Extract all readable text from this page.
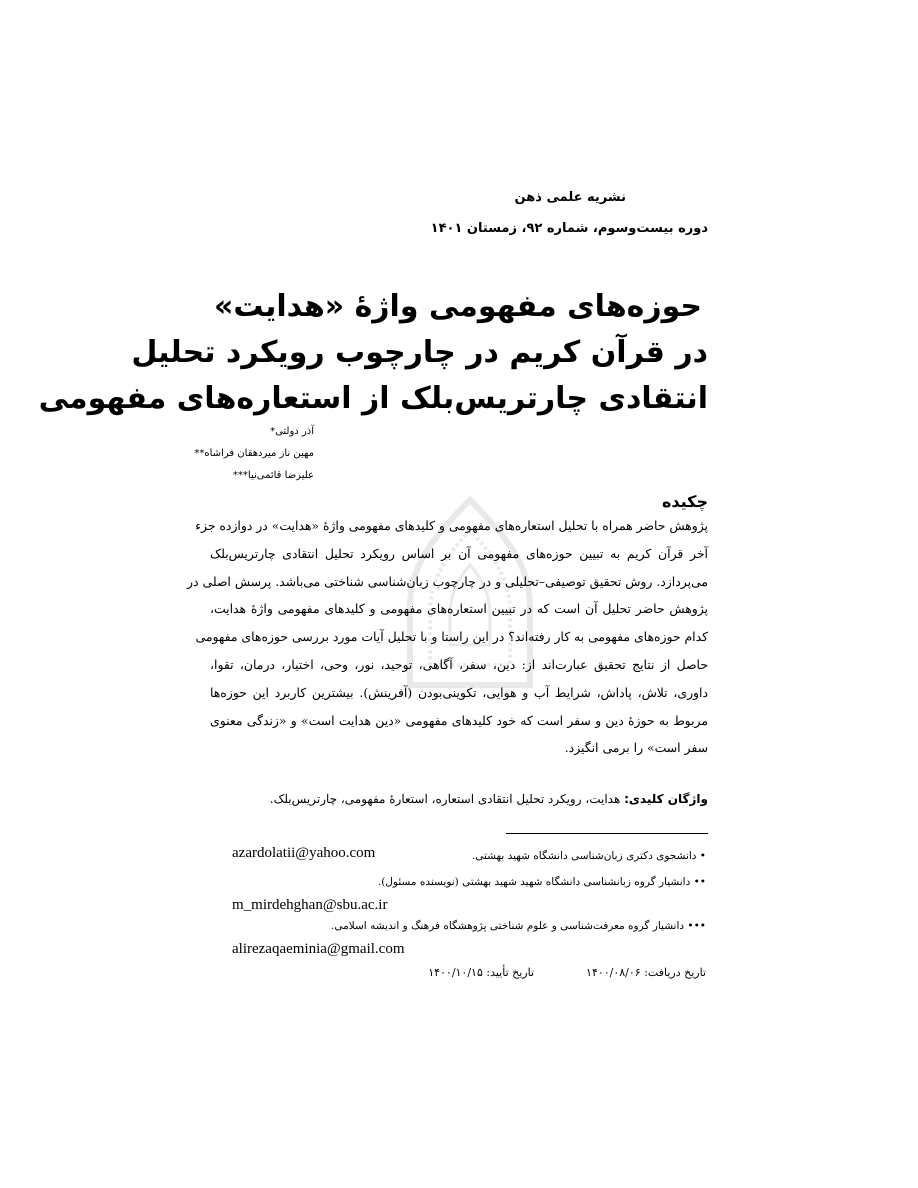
نشریه علمی ذهن
دوره بیست‌وسوم، شماره ۹۲، زمستان ۱۴۰۱
حوزه‌های مفهومی واژۀ «هدایت»
در قرآن کریم در چارچوب رویکرد تحلیل
انتقادی چارتریس‌بلک از استعاره‌های مفهومی
آذر دولتی*
مهین ناز میردهقان فراشاه**
علیرضا قائمی‌نیا***
چکیده
پژوهش حاضر همراه با تحلیل استعاره‌های مفهومی و کلیدهای مفهومی واژۀ «هدایت» در دوازده جزء
آخر قرآن کریم به تبیین حوزه‌های مفهومی آن بر اساس رویکرد تحلیل انتقادی چارتریس‌بلک
می‌پردازد. روش تحقیق توصیفی–تحلیلی و در چارچوب زبان‌شناسی شناختی می‌باشد. پرسش اصلی در
پژوهش حاضر تحلیل آن است که در تبیین استعاره‌های مفهومی و کلیدهای مفهومی واژۀ هدایت،
کدام حوزه‌های مفهومی به کار رفته‌اند؟ در این راستا و با تحلیل آیات مورد بررسی حوزه‌های مفهومی
حاصل از نتایج تحقیق عبارت‌اند از: دین، سفر، آگاهی، توحید، نور، وحی، اختیار، درمان، تقوا،
داوری، تلاش، پاداش، شرایط آب و هوایی، تکوینی‌بودن (آفرینش). بیشترین کاربرد این حوزه‌ها
مربوط به حوزۀ دین و سفر است که خود کلیدهای مفهومی «دین هدایت است» و «زندگی معنوی
سفر است» را برمی انگیزد.
واژگان کلیدی: هدایت، رویکرد تحلیل انتقادی استعاره، استعارۀ مفهومی، چارتریس‌بلک.
• دانشجوی دکتری زبان‌شناسی دانشگاه شهید بهشتی.
azardolatii@yahoo.com
•• دانشیار گروه زبانشناسی دانشگاه شهید شهید بهشتی (نویسنده مسئول).
m_mirdehghan@sbu.ac.ir
••• دانشیار گروه معرفت‌شناسی و علوم شناختی پژوهشگاه فرهنگ و اندیشه اسلامی.
alirezaqaeminia@gmail.com
تاریخ دریافت: ۱۴۰۰/۰۸/۰۶تاریخ تأیید: ۱۴۰۰/۱۰/۱۵
